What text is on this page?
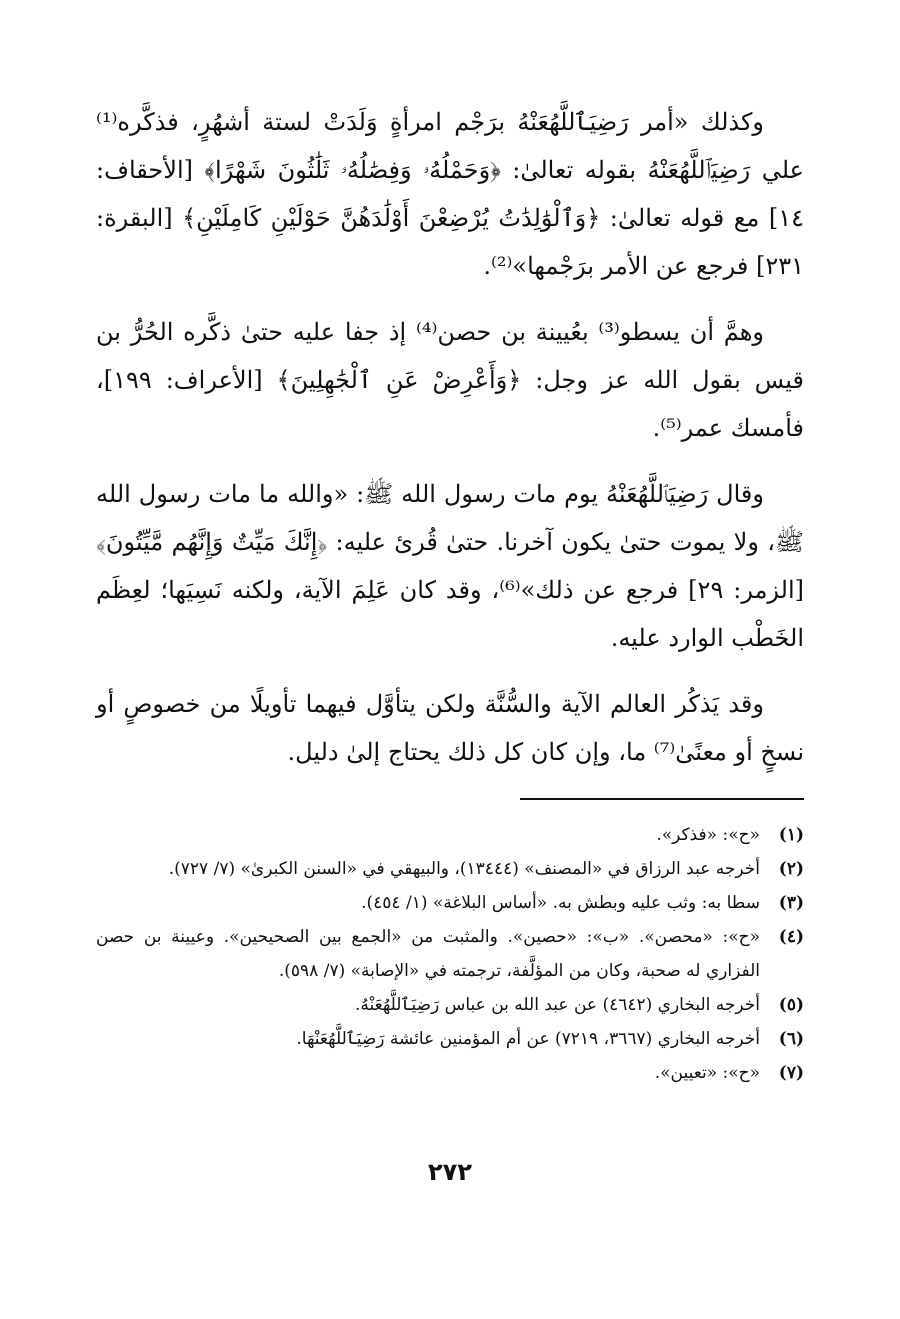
وكذلك «أمر رَضِيَٱللَّهُعَنْهُ برَجْم امرأةٍ وَلَدَتْ لستة أشهُرٍ، فذكَّره⁽¹⁾ علي رَضِيَٱللَّهُعَنْهُ بقوله تعالىٰ: ﴿وَحَمْلُهُۥ وَفِصَٰلُهُۥ ثَلَٰثُونَ شَهْرًا﴾ [الأحقاف: ١٤] مع قوله تعالىٰ: ﴿وَٱلْوَٰلِدَٰتُ يُرْضِعْنَ أَوْلَٰدَهُنَّ حَوْلَيْنِ كَامِلَيْنِ﴾ [البقرة: ٢٣١] فرجع عن الأمر برَجْمها»⁽²⁾.

وهمَّ أن يسطو⁽³⁾ بعُيينة بن حصن⁽⁴⁾ إذ جفا عليه حتىٰ ذكَّره الحُرُّ بن قيس بقول الله عز وجل: ﴿وَأَعْرِضْ عَنِ ٱلْجَٰهِلِينَ﴾ [الأعراف: ١٩٩]، فأمسك عمر⁽⁵⁾.

وقال رَضِيَٱللَّهُعَنْهُ يوم مات رسول الله ﷺ: «والله ما مات رسول الله ﷺ، ولا يموت حتىٰ يكون آخرنا. حتىٰ قُرئ عليه: ﴿إِنَّكَ مَيِّتٌ وَإِنَّهُم مَّيِّتُونَ﴾ [الزمر: ٢٩] فرجع عن ذلك»⁽⁶⁾، وقد كان عَلِمَ الآية، ولكنه نَسِيَها؛ لعِظَم الخَطْب الوارد عليه.

وقد يَذكُر العالم الآية والسُّنَّة ولكن يتأوَّل فيهما تأويلًا من خصوصٍ أو نسخٍ أو معنًىٰ⁽⁷⁾ ما، وإن كان كل ذلك يحتاج إلىٰ دليل.

(١)
«ح»: «فذكر».
(٢)
أخرجه عبد الرزاق في «المصنف» (١٣٤٤٤)، والبيهقي في «السنن الكبرىٰ» (٧/ ٧٢٧).
(٣)
سطا به: وثب عليه وبطش به. «أساس البلاغة» (١/ ٤٥٤).
(٤)
«ح»: «محصن». «ب»: «حصين». والمثبت من «الجمع بين الصحيحين». وعيينة بن حصن الفزاري له صحبة، وكان من المؤلَّفة، ترجمته في «الإصابة» (٧/ ٥٩٨).
(٥)
أخرجه البخاري (٤٦٤٢) عن عبد الله بن عباس رَضِيَٱللَّهُعَنْهُ.
(٦)
أخرجه البخاري (٣٦٦٧، ٧٢١٩) عن أم المؤمنين عائشة رَضِيَٱللَّهُعَنْهَا.
(٧)
«ح»: «تعيين».
٢٧٢
